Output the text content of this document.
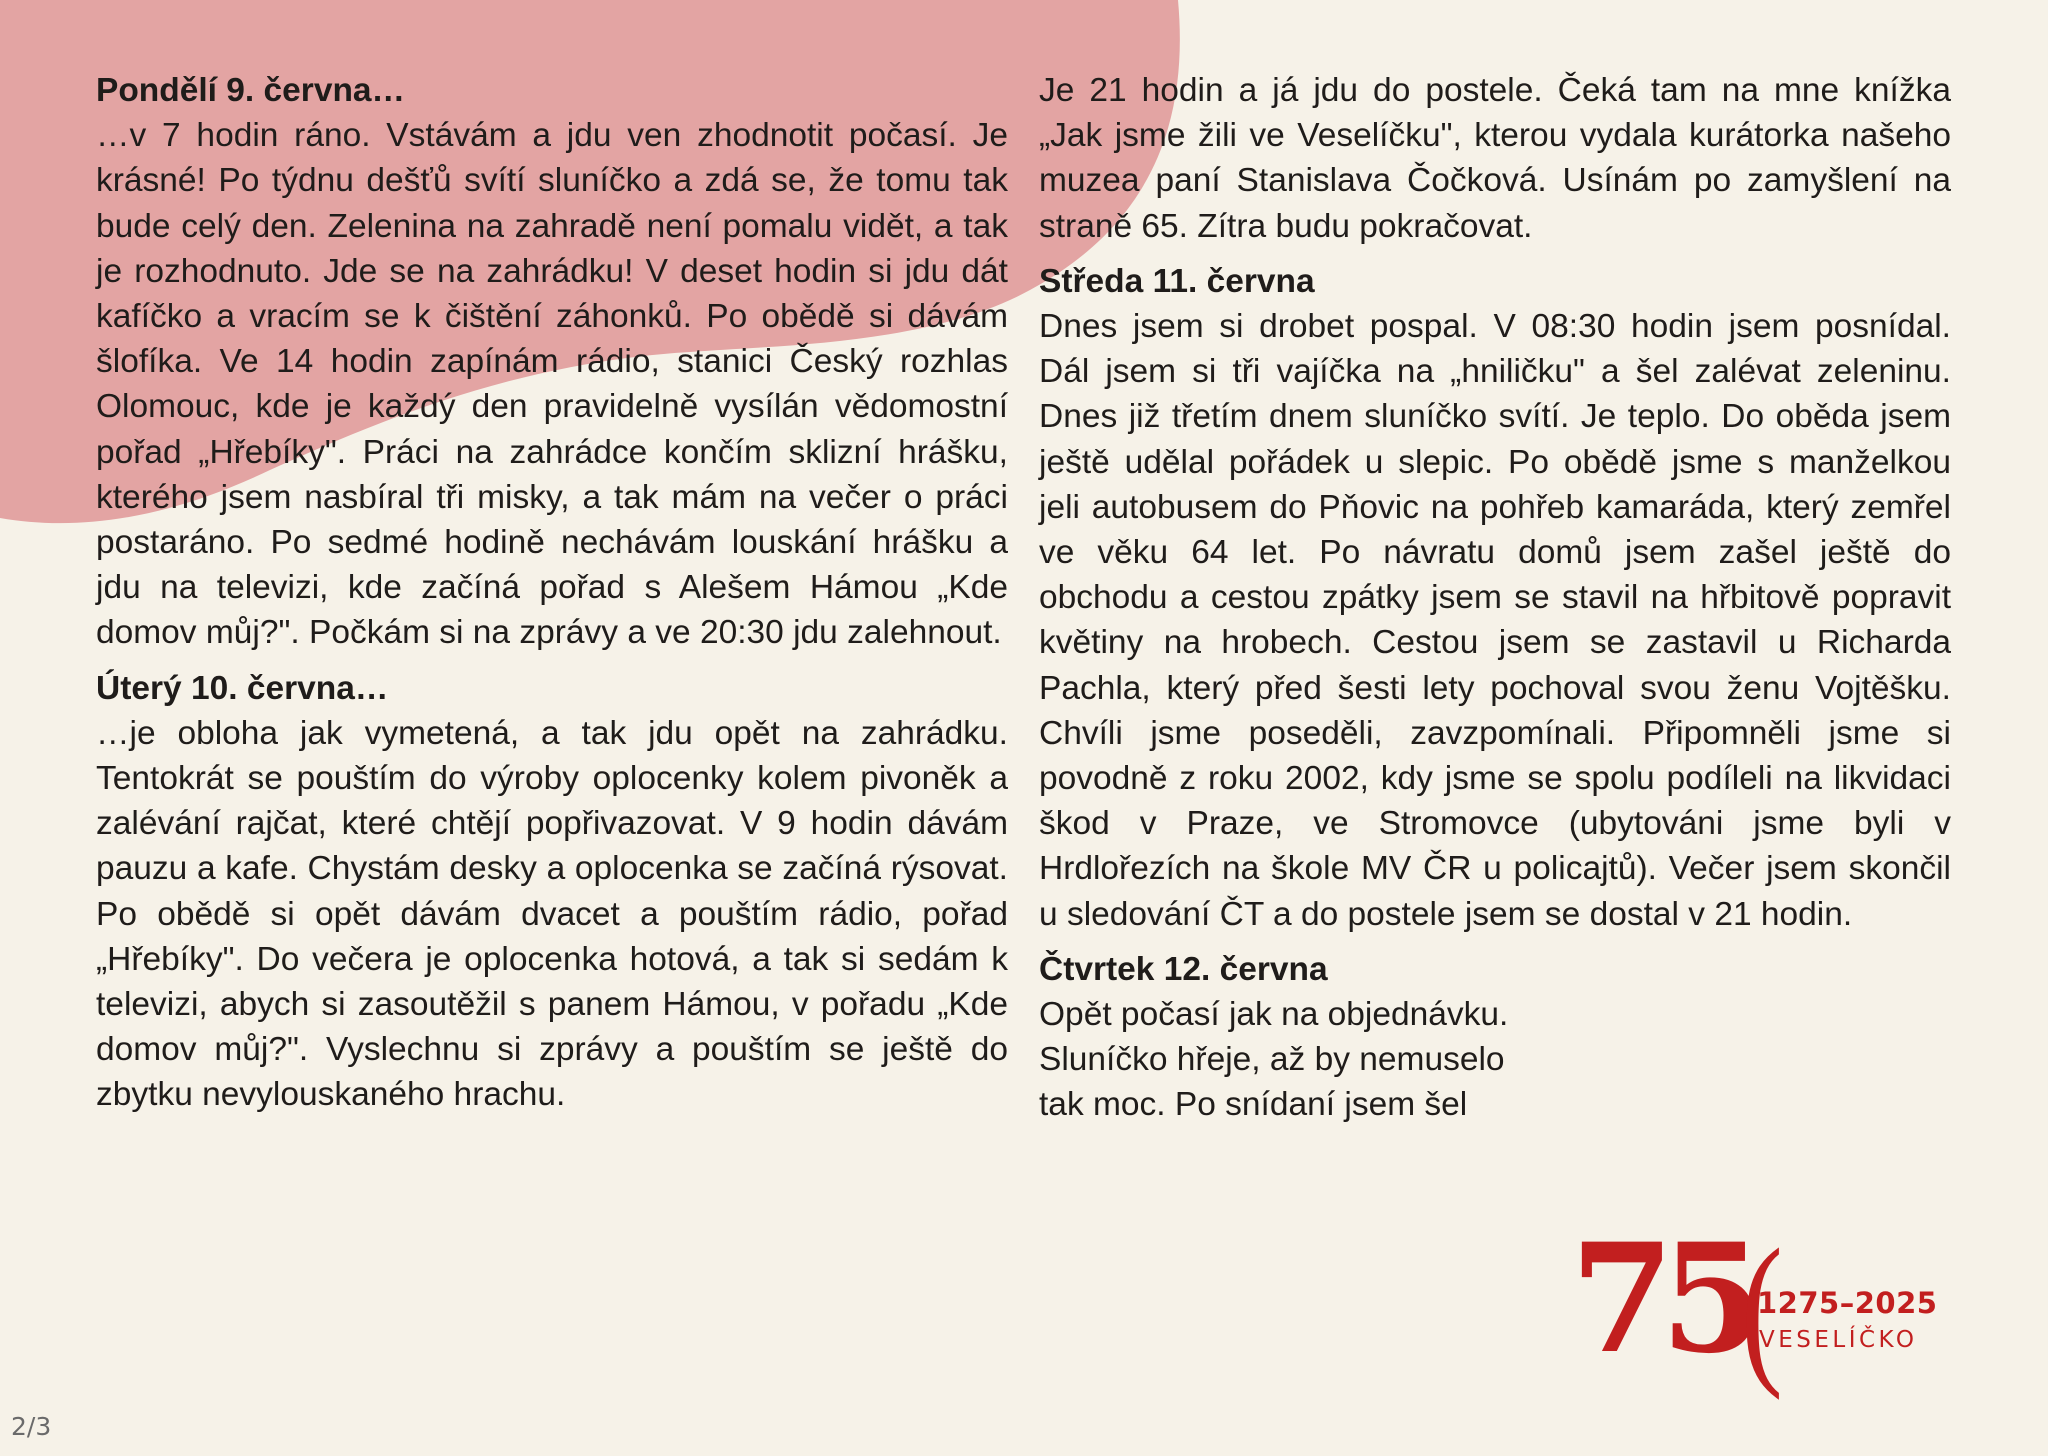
Pondělí 9. června…

…v 7 hodin ráno. Vstávám a jdu ven zhodnotit počasí. Je krásné! Po týdnu dešťů svítí sluníčko a zdá se, že tomu tak bude celý den. Zelenina na zahradě není pomalu vidět, a tak je rozhodnuto. Jde se na zahrádku! V deset hodin si jdu dát kafíčko a vracím se k čištění záhonků. Po obědě si dávám šlofíka. Ve 14 hodin zapínám rádio, stanici Český rozhlas Olomouc, kde je každý den pravidelně vysílán vědomostní pořad „Hřebíky". Práci na zahrádce končím sklizní hrášku, kterého jsem nasbíral tři misky, a tak mám na večer o práci postaráno. Po sedmé hodině nechávám louskání hrášku a jdu na televizi, kde začíná pořad s Alešem Hámou „Kde domov můj?". Počkám si na zprávy a ve 20:30 jdu zalehnout.

Úterý 10. června…

…je obloha jak vymetená, a tak jdu opět na zahrádku. Tentokrát se pouštím do výroby oplocenky kolem pivoněk a zalévání rajčat, které chtějí popřivazovat. V 9 hodin dávám pauzu a kafe. Chystám desky a oplocenka se začíná rýsovat. Po obědě si opět dávám dvacet a pouštím rádio, pořad „Hřebíky". Do večera je oplocenka hotová, a tak si sedám k televizi, abych si zasoutěžil s panem Hámou, v pořadu „Kde domov můj?". Vyslechnu si zprávy a pouštím se ještě do zbytku nevylouskaného hrachu.

Je 21 hodin a já jdu do postele. Čeká tam na mne knížka „Jak jsme žili ve Veselíčku", kterou vydala kurátorka našeho muzea paní Stanislava Čočková. Usínám po zamyšlení na straně 65. Zítra budu pokračovat.

Středa 11. června

Dnes jsem si drobet pospal. V 08:30 hodin jsem posnídal. Dál jsem si tři vajíčka na „hniličku" a šel zalévat zeleninu. Dnes již třetím dnem sluníčko svítí. Je teplo. Do oběda jsem ještě udělal pořádek u slepic. Po obědě jsme s manželkou jeli autobusem do Pňovic na pohřeb kamaráda, který zemřel ve věku 64 let. Po návratu domů jsem zašel ještě do obchodu a cestou zpátky jsem se stavil na hřbitově popravit květiny na hrobech. Cestou jsem se zastavil u Richarda Pachla, který před šesti lety pochoval svou ženu Vojtěšku. Chvíli jsme poseděli, zavzpomínali. Připomněli jsme si povodně z roku 2002, kdy jsme se spolu podíleli na likvidaci škod v Praze, ve Stromovce (ubytováni jsme byli v Hrdlořezích na škole MV ČR u policajtů). Večer jsem skončil u sledování ČT a do postele jsem se dostal v 21 hodin.

Čtvrtek 12. června

Opět počasí jak na objednávku. Sluníčko hřeje, až by nemuselo tak moc. Po snídaní jsem šel

75
(
1275–2025
VESELÍČKO
2/3
